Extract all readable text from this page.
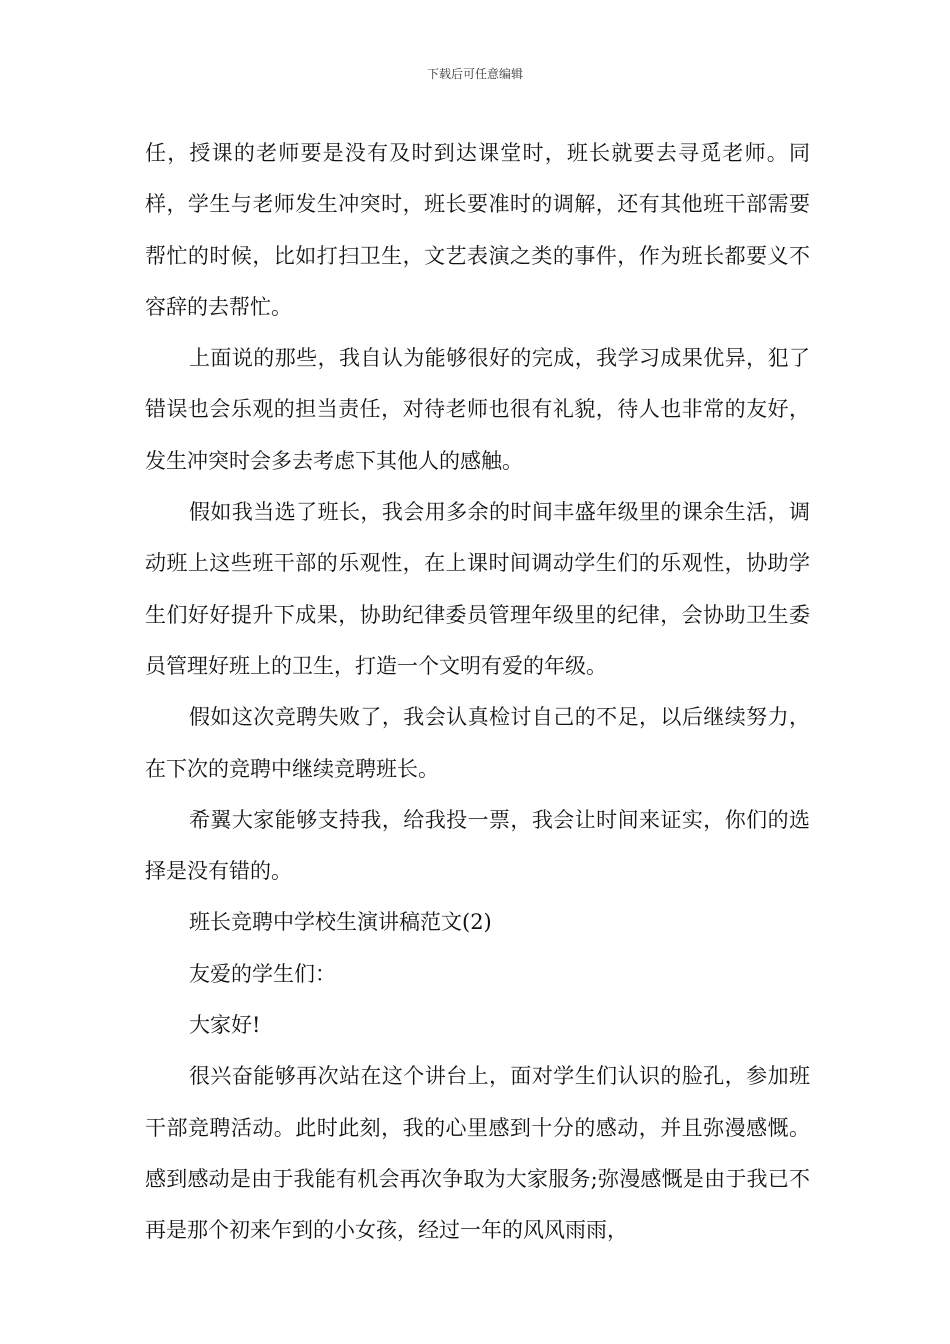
下载后可任意编辑

任，授课的老师要是没有及时到达课堂时，班长就要去寻觅老师。同样，学生与老师发生冲突时，班长要准时的调解，还有其他班干部需要帮忙的时候，比如打扫卫生，文艺表演之类的事件，作为班长都要义不容辞的去帮忙。

上面说的那些，我自认为能够很好的完成，我学习成果优异，犯了错误也会乐观的担当责任，对待老师也很有礼貌，待人也非常的友好，发生冲突时会多去考虑下其他人的感触。

假如我当选了班长，我会用多余的时间丰盛年级里的课余生活，调动班上这些班干部的乐观性，在上课时间调动学生们的乐观性，协助学生们好好提升下成果，协助纪律委员管理年级里的纪律，会协助卫生委员管理好班上的卫生，打造一个文明有爱的年级。

假如这次竞聘失败了，我会认真检讨自己的不足，以后继续努力，在下次的竞聘中继续竞聘班长。

希翼大家能够支持我，给我投一票，我会让时间来证实，你们的选择是没有错的。

班长竞聘中学校生演讲稿范文(2)

友爱的学生们：

大家好!

很兴奋能够再次站在这个讲台上，面对学生们认识的脸孔，参加班干部竞聘活动。此时此刻，我的心里感到十分的感动，并且弥漫感慨。感到感动是由于我能有机会再次争取为大家服务;弥漫感慨是由于我已不再是那个初来乍到的小女孩，经过一年的风风雨雨，
